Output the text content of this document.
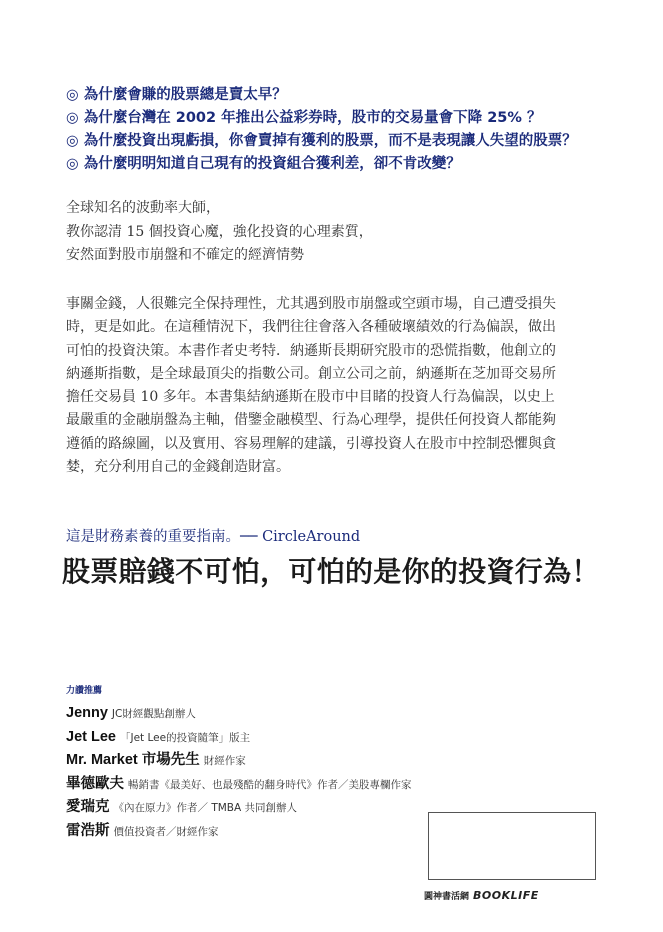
◎ 為什麼會賺的股票總是賣太早？
◎ 為什麼台灣在 2002 年推出公益彩券時，股市的交易量會下降 25% ？
◎ 為什麼投資出現虧損，你會賣掉有獲利的股票，而不是表現讓人失望的股票？
◎ 為什麼明明知道自己現有的投資組合獲利差，卻不肯改變？
全球知名的波動率大師，
教你認清 15 個投資心魔，強化投資的心理素質，
安然面對股市崩盤和不確定的經濟情勢
事關金錢，人很難完全保持理性，尤其遇到股市崩盤或空頭市場，自己遭受損失
時，更是如此。在這種情況下，我們往往會落入各種破壞績效的行為偏誤，做出
可怕的投資決策。本書作者史考特．納遜斯長期研究股市的恐慌指數，他創立的
納遜斯指數，是全球最頂尖的指數公司。創立公司之前，納遜斯在芝加哥交易所
擔任交易員 10 多年。本書集結納遜斯在股市中目睹的投資人行為偏誤，以史上
最嚴重的金融崩盤為主軸，借鑒金融模型、行為心理學，提供任何投資人都能夠
遵循的路線圖，以及實用、容易理解的建議，引導投資人在股市中控制恐懼與貪
婪，充分利用自己的金錢創造財富。
這是財務素養的重要指南。── CircleAround
股票賠錢不可怕，可怕的是你的投資行為！
力讚推薦
Jenny JC財經觀點創辦人
Jet Lee 「Jet Lee的投資隨筆」版主
Mr. Market 市場先生 財經作家
畢德歐夫 暢銷書《最美好、也最殘酷的翻身時代》作者／美股專欄作家
愛瑞克 《內在原力》作者／ TMBA 共同創辦人
雷浩斯 價值投資者／財經作家
圓神書活網 BOOKLIFE
